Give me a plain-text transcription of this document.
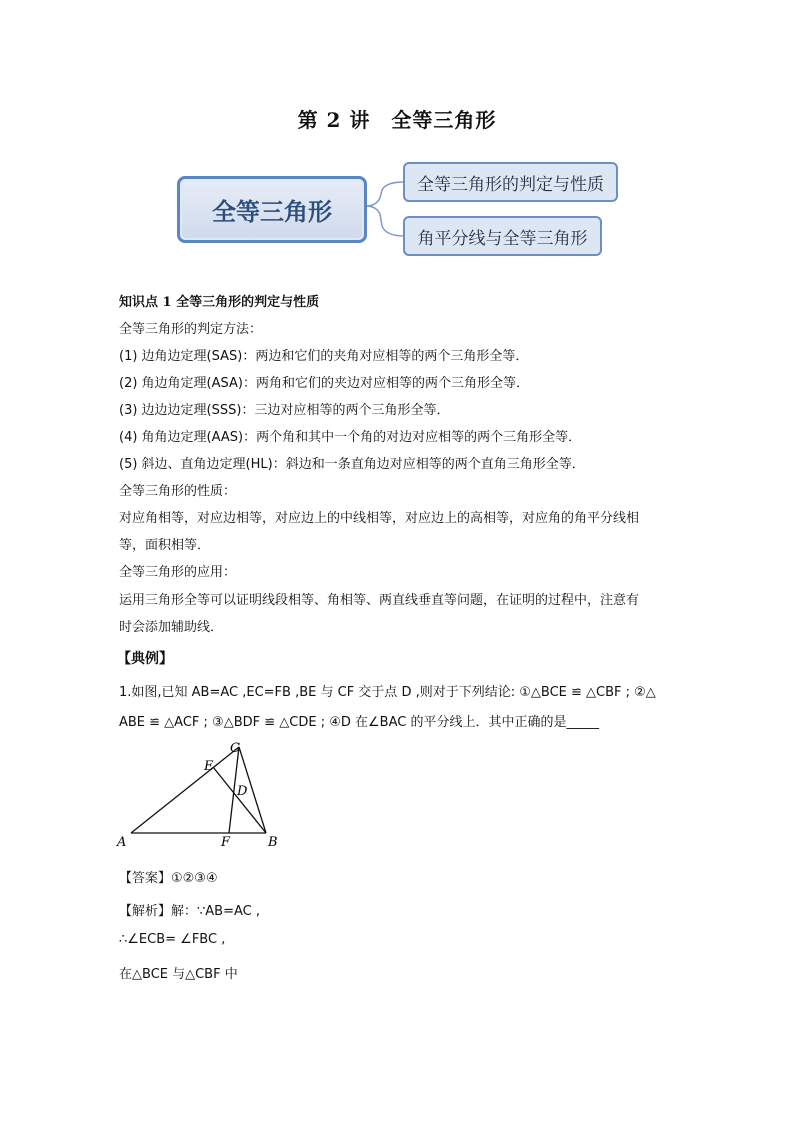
第 2 讲　全等三角形
全等三角形
全等三角形的判定与性质
角平分线与全等三角形
知识点 1 全等三角形的判定与性质
全等三角形的判定方法：
(1) 边角边定理(SAS)：两边和它们的夹角对应相等的两个三角形全等．
(2) 角边角定理(ASA)：两角和它们的夹边对应相等的两个三角形全等．
(3) 边边边定理(SSS)：三边对应相等的两个三角形全等．
(4) 角角边定理(AAS)：两个角和其中一个角的对边对应相等的两个三角形全等．
(5) 斜边、直角边定理(HL)：斜边和一条直角边对应相等的两个直角三角形全等．
全等三角形的性质：
对应角相等，对应边相等，对应边上的中线相等，对应边上的高相等，对应角的角平分线相
等，面积相等．
全等三角形的应用：
运用三角形全等可以证明线段相等、角相等、两直线垂直等问题，在证明的过程中，注意有
时会添加辅助线．
【典例】
1.如图,已知 AB=AC ,EC=FB ,BE 与 CF 交于点 D ,则对于下列结论: ①△BCE ≌ △CBF ; ②△
ABE ≌ △ACF ; ③△BDF ≌ △CDE ; ④D 在∠BAC 的平分线上．其中正确的是_____
A	B
C
D
E
F
【答案】①②③④
【解析】解：∵AB=AC ,
∴∠ECB= ∠FBC ,
在△BCE 与△CBF 中
